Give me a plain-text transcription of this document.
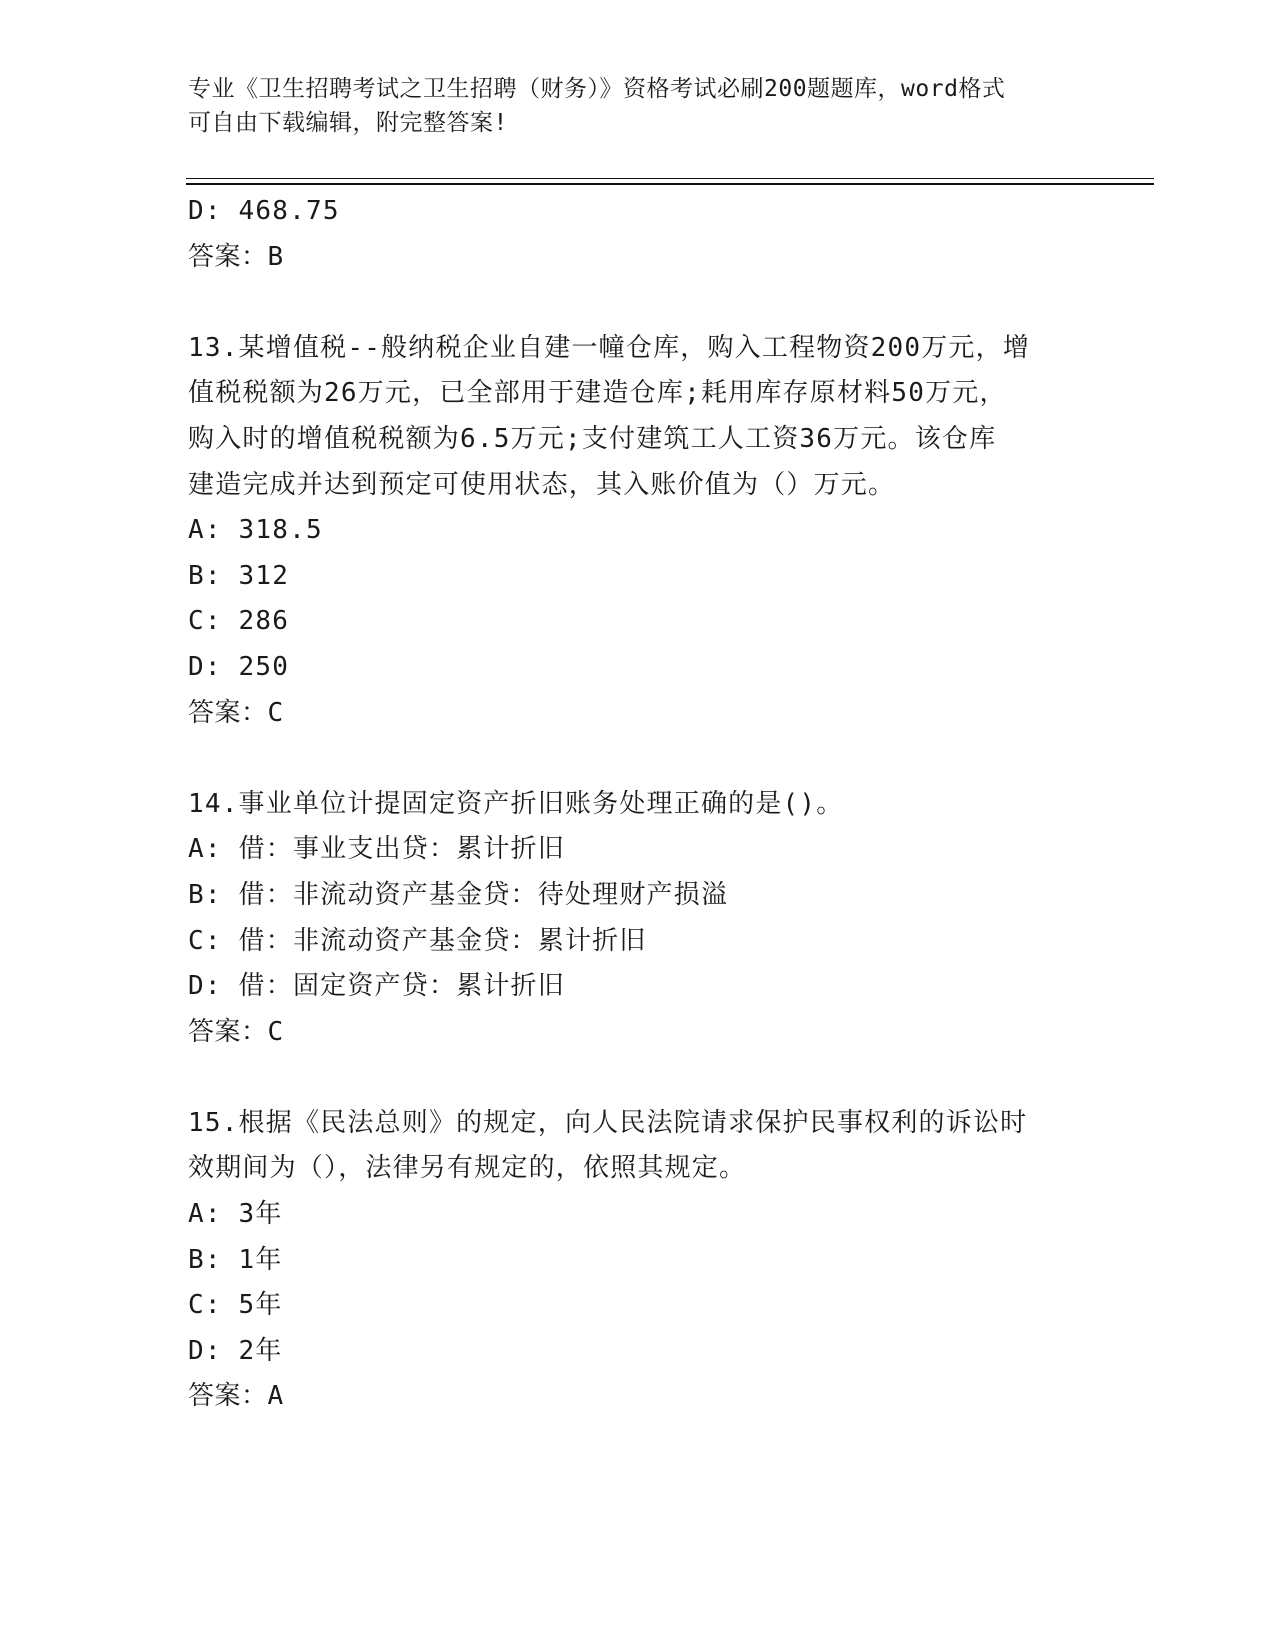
专业《卫生招聘考试之卫生招聘（财务）》资格考试必刷200题题库，word格式
可自由下载编辑，附完整答案!
D: 468.75
答案：B
13.某增值税--般纳税企业自建一幢仓库，购入工程物资200万元，增
值税税额为26万元，已全部用于建造仓库;耗用库存原材料50万元，
购入时的增值税税额为6.5万元;支付建筑工人工资36万元。该仓库
建造完成并达到预定可使用状态，其入账价值为（）万元。
A: 318.5
B: 312
C: 286
D: 250
答案：C
14.事业单位计提固定资产折旧账务处理正确的是()。
A: 借：事业支出贷：累计折旧
B: 借：非流动资产基金贷：待处理财产损溢
C: 借：非流动资产基金贷：累计折旧
D: 借：固定资产贷：累计折旧
答案：C
15.根据《民法总则》的规定，向人民法院请求保护民事权利的诉讼时
效期间为（），法律另有规定的，依照其规定。
A: 3年
B: 1年
C: 5年
D: 2年
答案：A
